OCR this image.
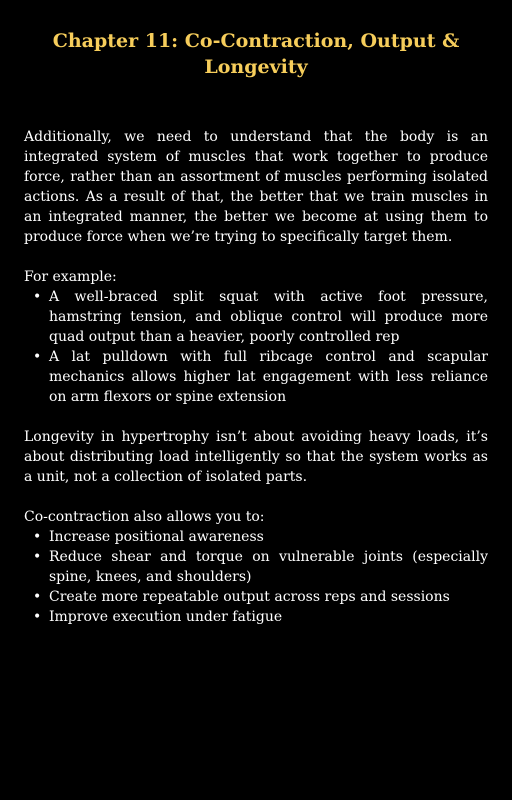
Chapter 11: Co-Contraction, Output & Longevity

Additionally, we need to understand that the body is an integrated system of muscles that work together to produce force, rather than an assortment of muscles performing isolated actions. As a result of that, the better that we train muscles in an integrated manner, the better we become at using them to produce force when we’re trying to specifically target them.

For example:

• A well-braced split squat with active foot pressure, hamstring tension, and oblique control will produce more quad output than a heavier, poorly controlled rep
• A lat pulldown with full ribcage control and scapular mechanics allows higher lat engagement with less reliance on arm flexors or spine extension

Longevity in hypertrophy isn’t about avoiding heavy loads, it’s about distributing load intelligently so that the system works as a unit, not a collection of isolated parts.

Co-contraction also allows you to:

• Increase positional awareness
• Reduce shear and torque on vulnerable joints (especially spine, knees, and shoulders)
• Create more repeatable output across reps and sessions
• Improve execution under fatigue
